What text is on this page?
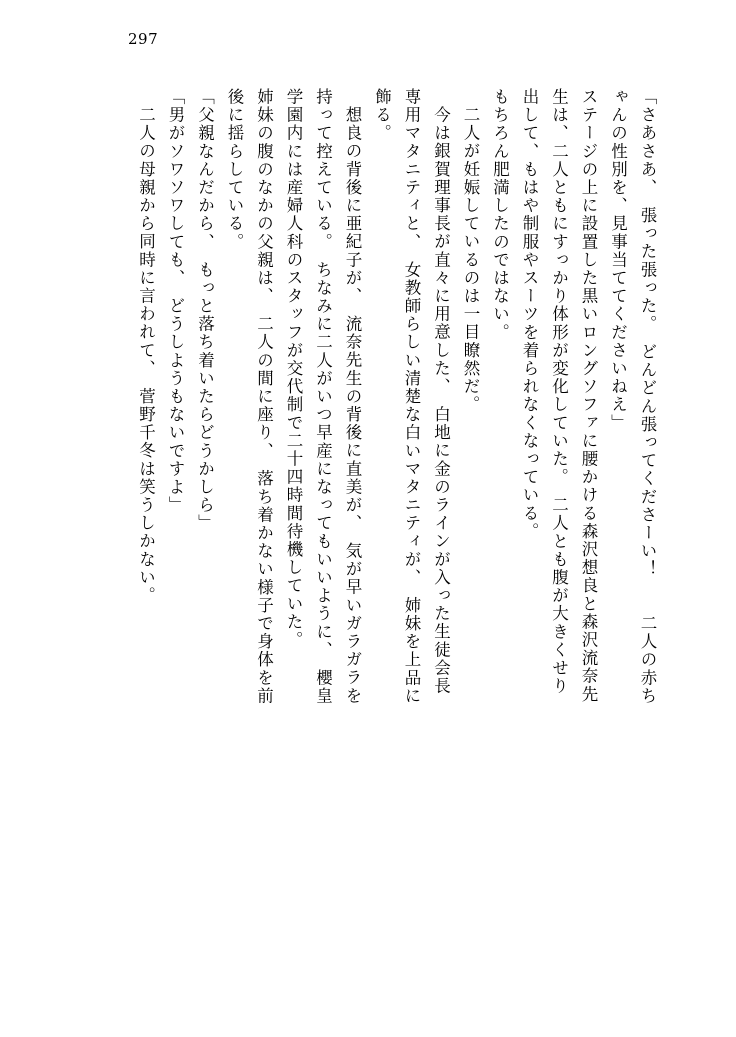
297

「さあさあ、　張った張った。　どんどん張ってくださーい！　　二人の赤ちゃんの性別を、見事当ててくださいねえ」

ステージの上に設置した黒いロングソファに腰かける森沢想良と森沢流奈先生は、二人ともにすっかり体形が変化していた。　二人とも腹が大きくせり出して、もはや制服やスーツを着られなくなっている。

もちろん肥満したのではない。

二人が妊娠しているのは一目瞭然だ。

今は銀賀理事長が直々に用意した、　白地に金のラインが入った生徒会長専用マタニティと、　女教師らしい清楚な白いマタニティが、　姉妹を上品に飾る。

想良の背後に亜紀子が、　流奈先生の背後に直美が、　気が早いガラガラを持って控えている。　ちなみに二人がいつ早産になってもいいように、　櫻皇学園内には産婦人科のスタッフが交代制で二十四時間待機していた。

姉妹の腹のなかの父親は、　二人の間に座り、　落ち着かない様子で身体を前後に揺らしている。

「父親なんだから、　もっと落ち着いたらどうかしら」

「男がソワソワしても、　どうしようもないですよ」

二人の母親から同時に言われて、　菅野千冬は笑うしかない。
